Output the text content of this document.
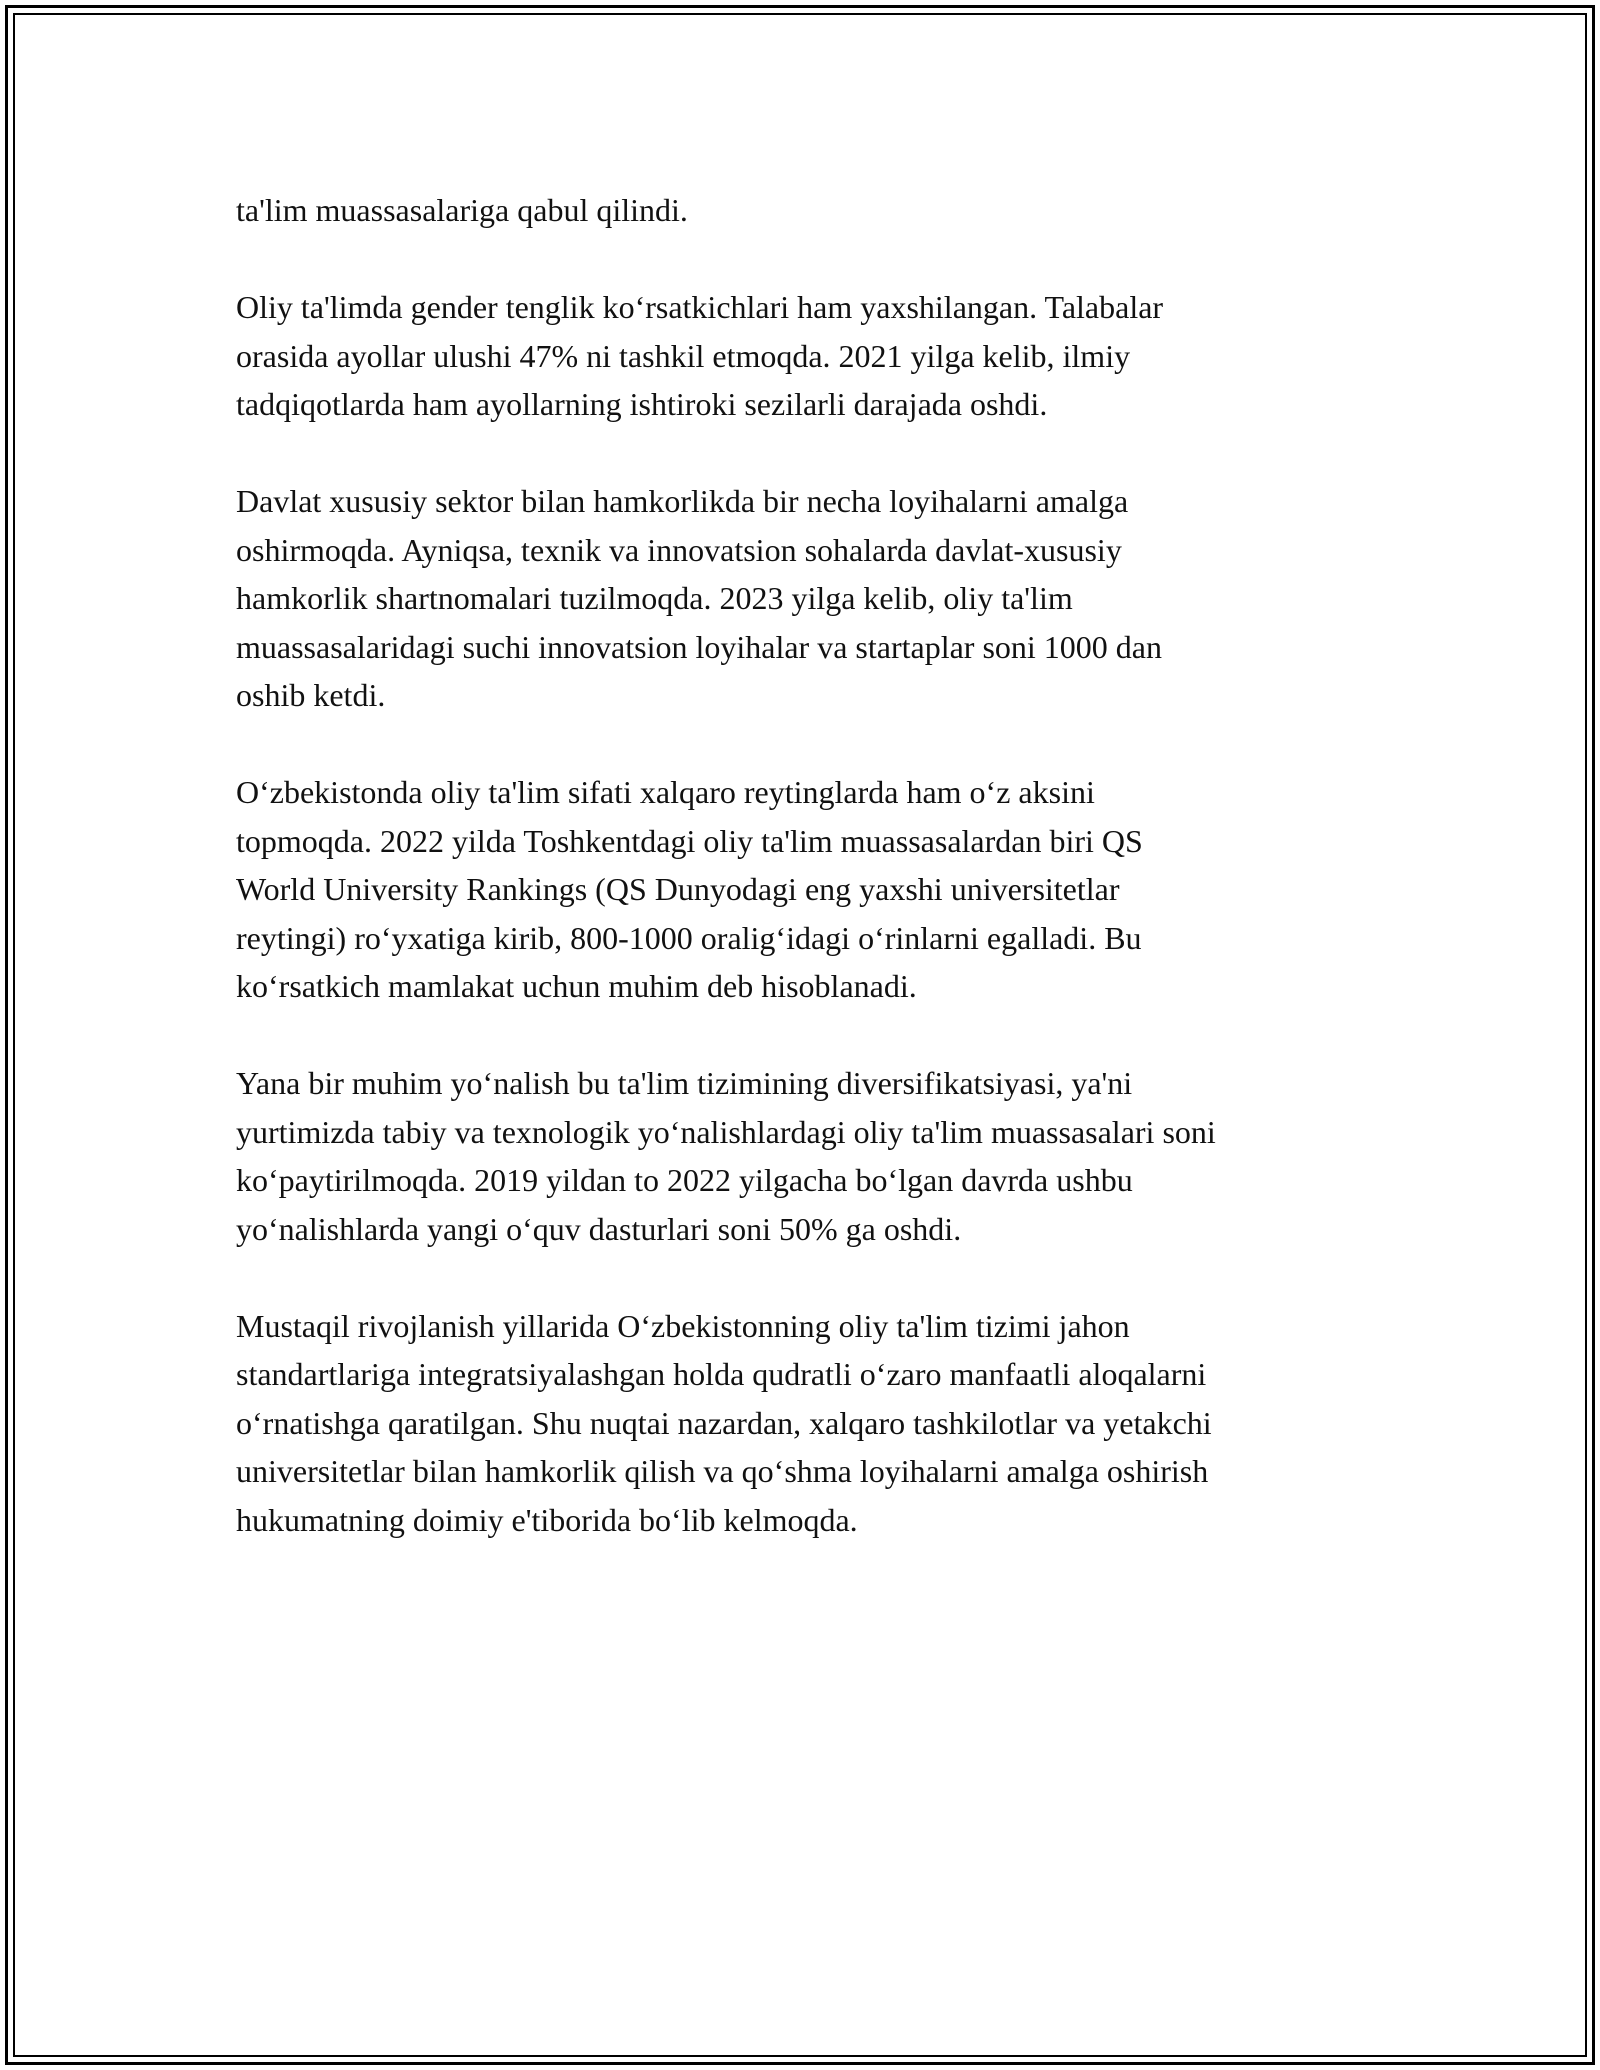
ta'lim muassasalariga qabul qilindi.

Oliy ta'limda gender tenglik koʻrsatkichlari ham yaxshilangan. Talabalar
orasida ayollar ulushi 47% ni tashkil etmoqda. 2021 yilga kelib, ilmiy
tadqiqotlarda ham ayollarning ishtiroki sezilarli darajada oshdi.

Davlat xususiy sektor bilan hamkorlikda bir necha loyihalarni amalga
oshirmoqda. Ayniqsa, texnik va innovatsion sohalarda davlat-xususiy
hamkorlik shartnomalari tuzilmoqda. 2023 yilga kelib, oliy ta'lim
muassasalaridagi suchi innovatsion loyihalar va startaplar soni 1000 dan
oshib ketdi.

Oʻzbekistonda oliy ta'lim sifati xalqaro reytinglarda ham oʻz aksini
topmoqda. 2022 yilda Toshkentdagi oliy ta'lim muassasalardan biri QS
World University Rankings (QS Dunyodagi eng yaxshi universitetlar
reytingi) roʻyxatiga kirib, 800-1000 oraligʻidagi oʻrinlarni egalladi. Bu
koʻrsatkich mamlakat uchun muhim deb hisoblanadi.

Yana bir muhim yoʻnalish bu ta'lim tizimining diversifikatsiyasi, ya'ni
yurtimizda tabiy va texnologik yoʻnalishlardagi oliy ta'lim muassasalari soni
koʻpaytirilmoqda. 2019 yildan to 2022 yilgacha boʻlgan davrda ushbu
yoʻnalishlarda yangi oʻquv dasturlari soni 50% ga oshdi.

Mustaqil rivojlanish yillarida Oʻzbekistonning oliy ta'lim tizimi jahon
standartlariga integratsiyalashgan holda qudratli oʻzaro manfaatli aloqalarni
oʻrnatishga qaratilgan. Shu nuqtai nazardan, xalqaro tashkilotlar va yetakchi
universitetlar bilan hamkorlik qilish va qoʻshma loyihalarni amalga oshirish
hukumatning doimiy e'tiborida boʻlib kelmoqda.
